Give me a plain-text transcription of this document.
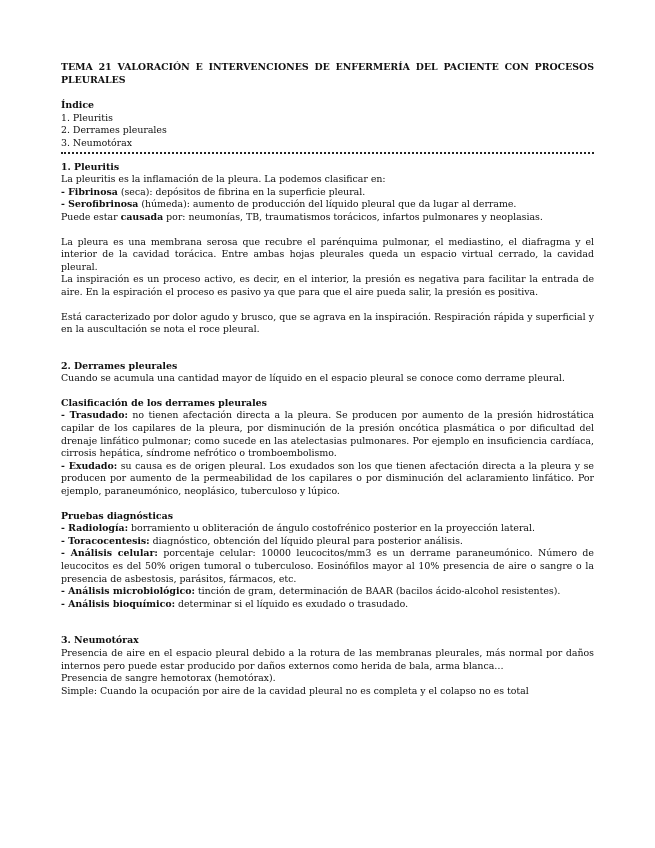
TEMA 21 VALORACIÓN E INTERVENCIONES DE ENFERMERÍA DEL PACIENTE CON PROCESOS PLEURALES

Índice

1. Pleuritis

2. Derrames pleurales

3. Neumotórax

1. Pleuritis

La pleuritis es la inflamación de la pleura. La podemos clasificar en:

- Fibrinosa (seca): depósitos de fibrina en la superficie pleural.

- Serofibrinosa (húmeda): aumento de producción del líquido pleural que da lugar al derrame.

Puede estar causada por: neumonías, TB, traumatismos torácicos, infartos pulmonares y neoplasias.

La pleura es una membrana serosa que recubre el parénquima pulmonar, el mediastino, el diafragma y el interior de la cavidad torácica. Entre ambas hojas pleurales queda un espacio virtual cerrado, la cavidad pleural.

La inspiración es un proceso activo, es decir, en el interior, la presión es negativa para facilitar la entrada de aire. En la espiración el proceso es pasivo ya que para que el aire pueda salir, la presión es positiva.

Está caracterizado por dolor agudo y brusco, que se agrava en la inspiración. Respiración rápida y superficial y en la auscultación se nota el roce pleural.

2. Derrames pleurales

Cuando se acumula una cantidad mayor de líquido en el espacio pleural se conoce como derrame pleural.

Clasificación de los derrames pleurales

- Trasudado: no tienen afectación directa a la pleura. Se producen por aumento de la presión hidrostática capilar de los capilares de la pleura, por disminución de la presión oncótica plasmática o por dificultad del drenaje linfático pulmonar; como sucede en las atelectasias pulmonares. Por ejemplo en insuficiencia cardíaca, cirrosis hepática, síndrome nefrótico o tromboembolismo.

- Exudado: su causa es de origen pleural. Los exudados son los que tienen afectación directa a la pleura y se producen por aumento de la permeabilidad de los capilares o por disminución del aclaramiento linfático. Por ejemplo, paraneumónico, neoplásico, tuberculoso y lúpico.

Pruebas diagnósticas

- Radiología: borramiento u obliteración de ángulo costofrénico posterior en la proyección lateral.

- Toracocentesis: diagnóstico, obtención del líquido pleural para posterior análisis.

- Análisis celular: porcentaje celular: 10000 leucocitos/mm3 es un derrame paraneumónico. Número de leucocitos es del 50% origen tumoral o tuberculoso. Eosinófilos mayor al 10% presencia de aire o sangre o la presencia de asbestosis, parásitos, fármacos, etc.

- Análisis microbiológico: tinción de gram, determinación de BAAR (bacilos ácido-alcohol resistentes).

- Análisis bioquímico: determinar si el líquido es exudado o trasudado.

3. Neumotórax

Presencia de aire en el espacio pleural debido a la rotura de las membranas pleurales, más normal por daños internos pero puede estar producido por daños externos como herida de bala, arma blanca…

Presencia de sangre hemotorax (hemotórax).

Simple: Cuando la ocupación por aire de la cavidad pleural no es completa y el colapso no es total
